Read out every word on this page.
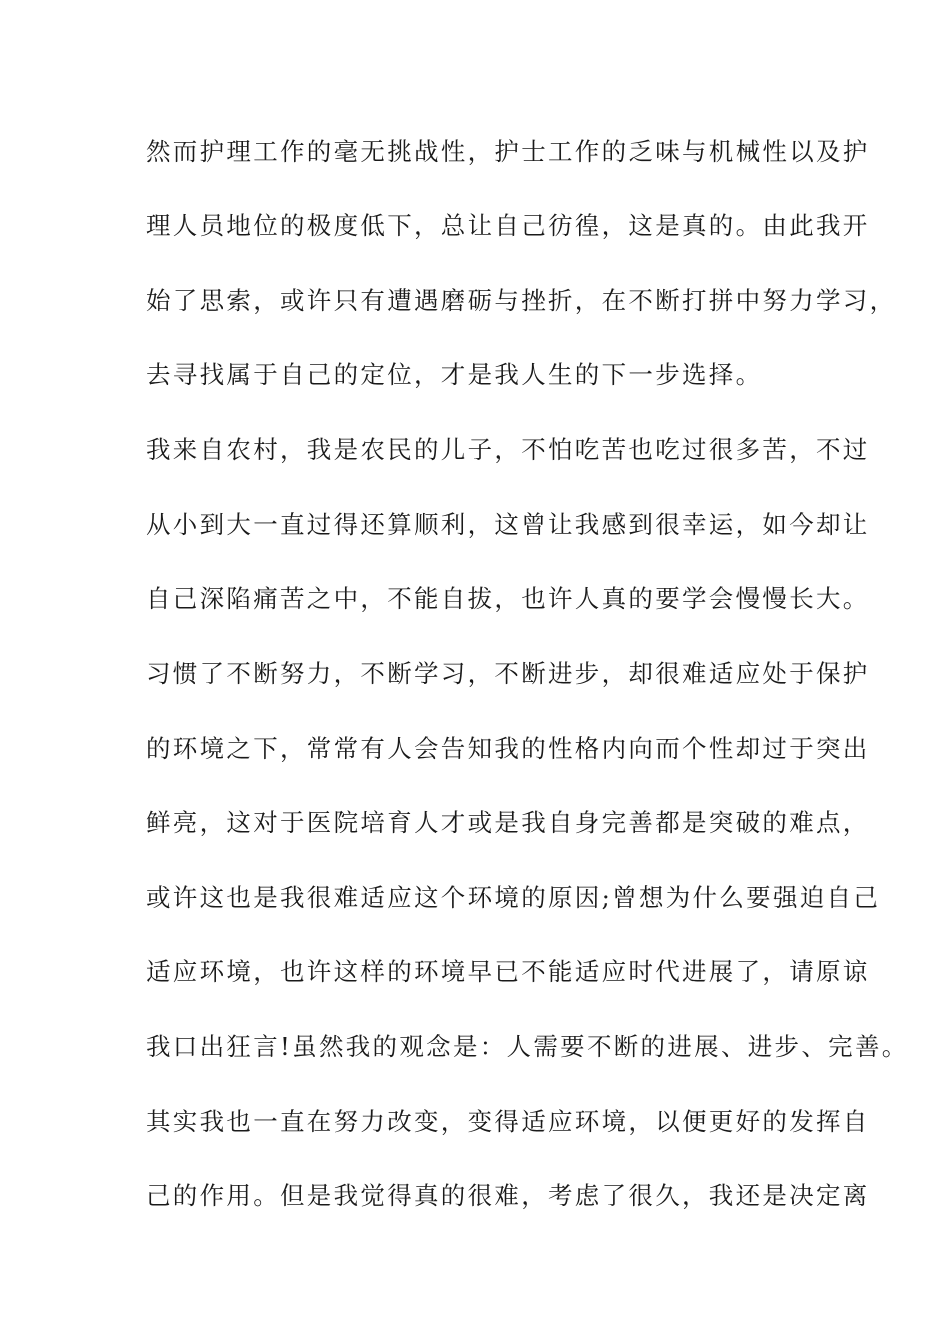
然而护理工作的毫无挑战性，护士工作的乏味与机械性以及护
理人员地位的极度低下，总让自己彷徨，这是真的。由此我开
始了思索，或许只有遭遇磨砺与挫折，在不断打拼中努力学习，
去寻找属于自己的定位，才是我人生的下一步选择。
我来自农村，我是农民的儿子，不怕吃苦也吃过很多苦，不过
从小到大一直过得还算顺利，这曾让我感到很幸运，如今却让
自己深陷痛苦之中，不能自拔，也许人真的要学会慢慢长大。
习惯了不断努力，不断学习，不断进步，却很难适应处于保护
的环境之下，常常有人会告知我的性格内向而个性却过于突出
鲜亮，这对于医院培育人才或是我自身完善都是突破的难点，
或许这也是我很难适应这个环境的原因;曾想为什么要强迫自己
适应环境，也许这样的环境早已不能适应时代进展了，请原谅
我口出狂言!虽然我的观念是：人需要不断的进展、进步、完善。
其实我也一直在努力改变，变得适应环境，以便更好的发挥自
己的作用。但是我觉得真的很难，考虑了很久，我还是决定离
